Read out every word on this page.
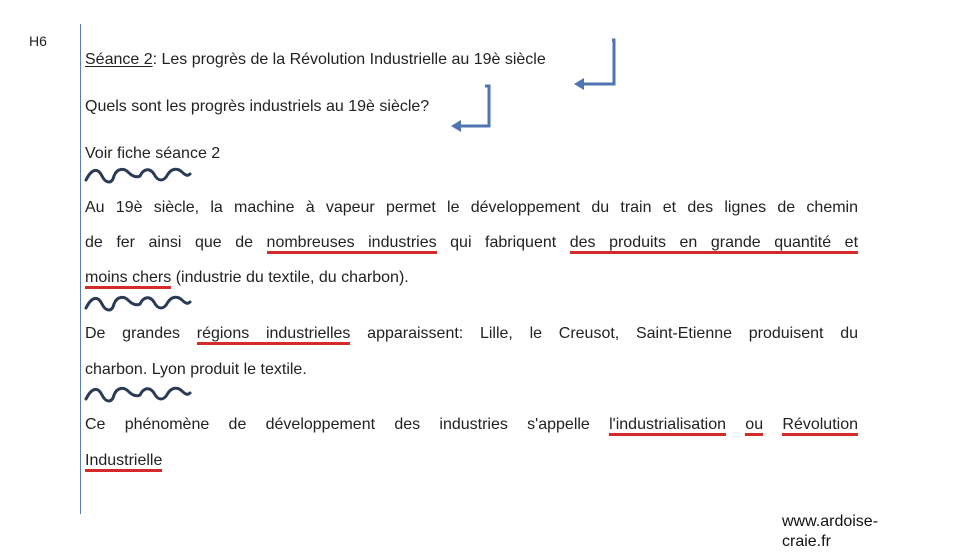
H6
Séance 2: Les progrès de la Révolution Industrielle au 19è siècle
Quels sont les progrès industriels au 19è siècle?
Voir fiche séance 2
Au 19è siècle, la machine à vapeur permet le développement du train et des lignes de chemin
de fer ainsi que de nombreuses industries qui fabriquent des produits en grande quantité et
moins chers (industrie du textile, du charbon).
De grandes régions industrielles apparaissent: Lille, le Creusot, Saint-Etienne produisent du
charbon. Lyon produit le textile.
Ce phénomène de développement des industries s'appelle l'industrialisation ou Révolution
Industrielle
www.ardoise-craie.fr
